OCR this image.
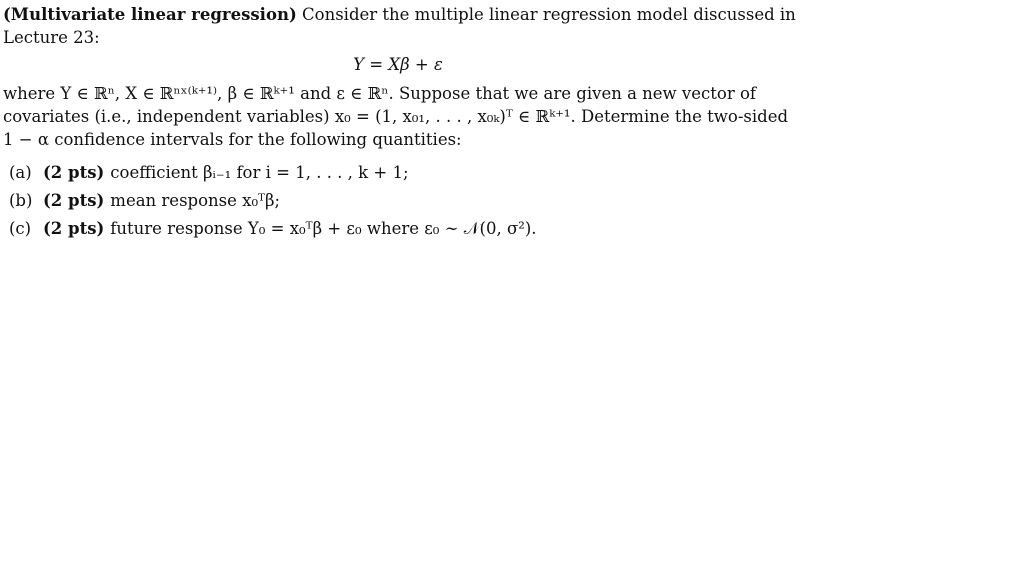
(Multivariate linear regression) Consider the multiple linear regression model discussed in Lecture 23:

Y = Xβ + ε

where Y ∈ ℝⁿ, X ∈ ℝⁿˣ⁽ᵏ⁺¹⁾, β ∈ ℝᵏ⁺¹ and ε ∈ ℝⁿ. Suppose that we are given a new vector of covariates (i.e., independent variables) x₀ = (1, x₀₁, . . . , x₀ₖ)ᵀ ∈ ℝᵏ⁺¹. Determine the two-sided 1 − α confidence intervals for the following quantities:

(a) (2 pts) coefficient βᵢ₋₁ for i = 1, . . . , k + 1;
(b) (2 pts) mean response x₀ᵀβ;
(c) (2 pts) future response Y₀ = x₀ᵀβ + ε₀ where ε₀ ∼ 𝒩(0, σ²).
